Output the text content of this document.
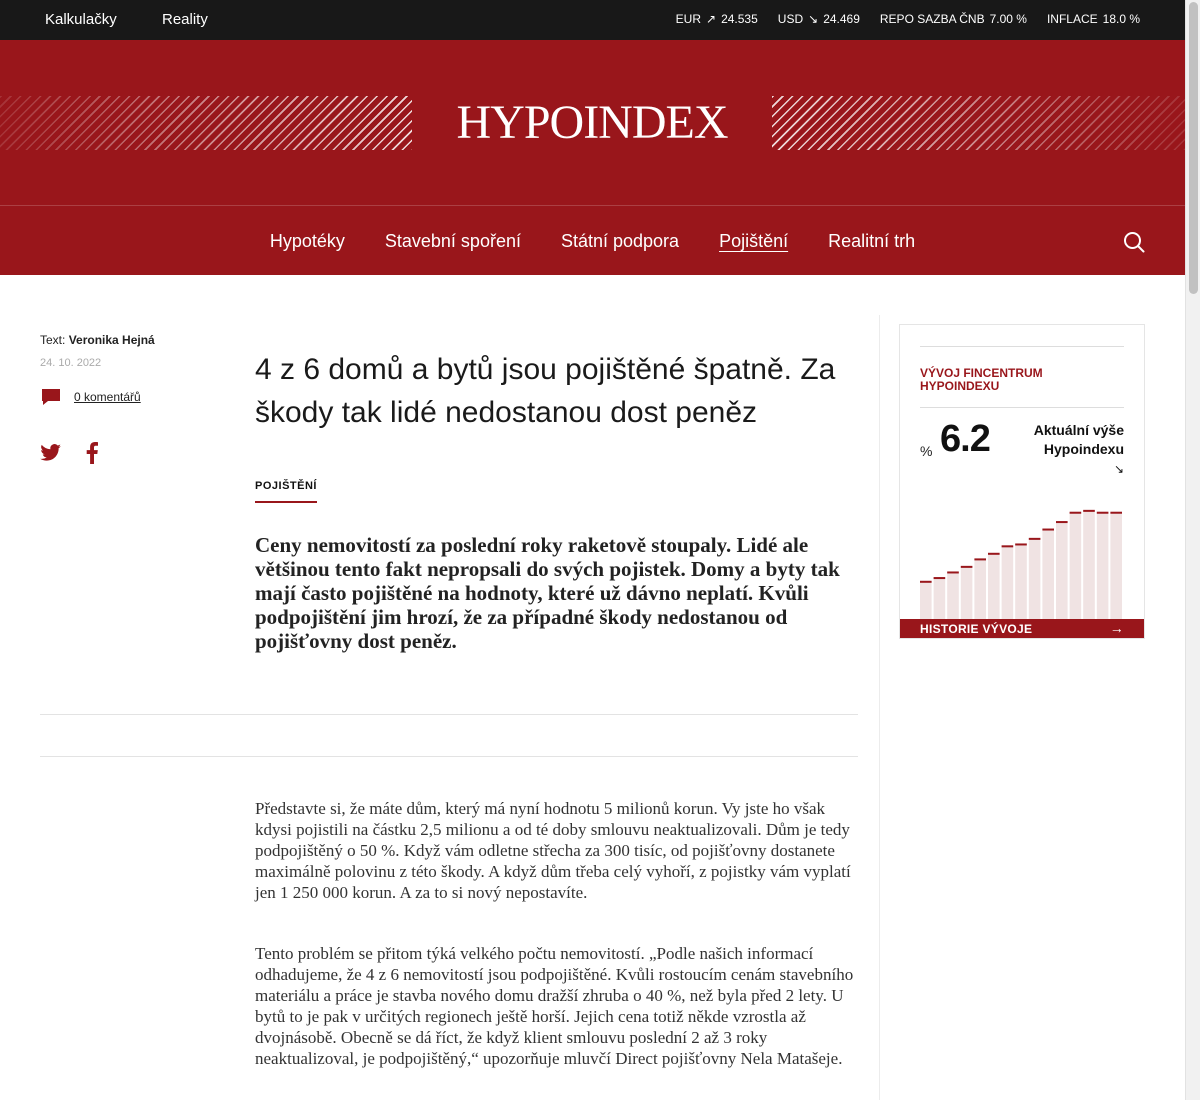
Kalkulačky	Reality	EUR ↗ 24.535 USD ↘ 24.469 REPO SAZBA ČNB 7.00 % INFLACE 18.0 %
HYPOINDEX
Hypotéky Stavební spoření Státní podpora Pojištění Realitní trh
Text: Veronika Hejná
24. 10. 2022
0 komentářů
4 z 6 domů a bytů jsou pojištěné špatně. Za škody tak lidé nedostanou dost peněz
POJIŠTĚNÍ
Ceny nemovitostí za poslední roky raketově stoupaly. Lidé ale většinou tento fakt nepropsali do svých pojistek. Domy a byty tak mají často pojištěné na hodnoty, které už dávno neplatí. Kvůli podpojištění jim hrozí, že za případné škody nedostanou od pojišťovny dost peněz.

Představte si, že máte dům, který má nyní hodnotu 5 milionů korun. Vy jste ho však kdysi pojistili na částku 2,5 milionu a od té doby smlouvu neaktualizovali. Dům je tedy podpojištěný o 50 %. Když vám odletne střecha za 300 tisíc, od pojišťovny dostanete maximálně polovinu z této škody. A když dům třeba celý vyhoří, z pojistky vám vyplatí jen 1 250 000 korun. A za to si nový nepostavíte.

Tento problém se přitom týká velkého počtu nemovitostí. „Podle našich informací odhadujeme, že 4 z 6 nemovitostí jsou podpojištěné. Kvůli rostoucím cenám stavebního materiálu a práce je stavba nového domu dražší zhruba o 40 %, než byla před 2 lety. U bytů to je pak v určitých regionech ještě horší. Jejich cena totiž někde vzrostla až dvojnásobě. Obecně se dá říct, že když klient smlouvu poslední 2 až 3 roky neaktualizoval, je podpojištěný,“ upozorňuje mluvčí Direct pojišťovny Nela Matašeje.

VÝVOJ FINCENTRUM HYPOINDEXU
% 6.2	Aktuální výše Hypoindexu
↘
HISTORIE VÝVOJE	→
